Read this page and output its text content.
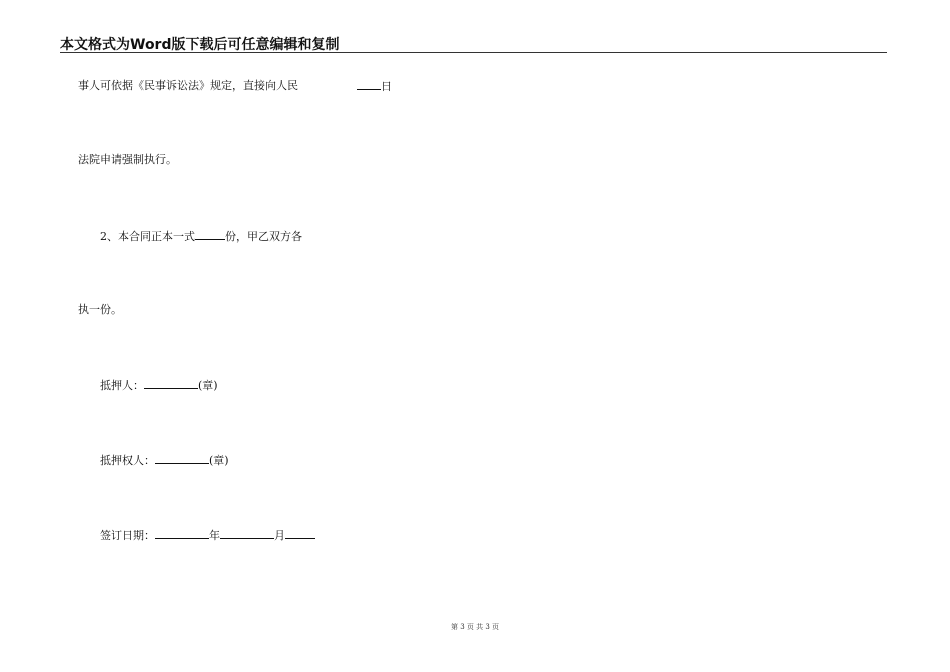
本文格式为Word版下载后可任意编辑和复制
事人可依据《民事诉讼法》规定，直接向人民	日
法院申请强制执行。
2、本合同正本一式	份，甲乙双方各
执一份。
抵押人：	(章)
抵押权人：	(章)
签订日期：	年	月
第 3 页 共 3 页
